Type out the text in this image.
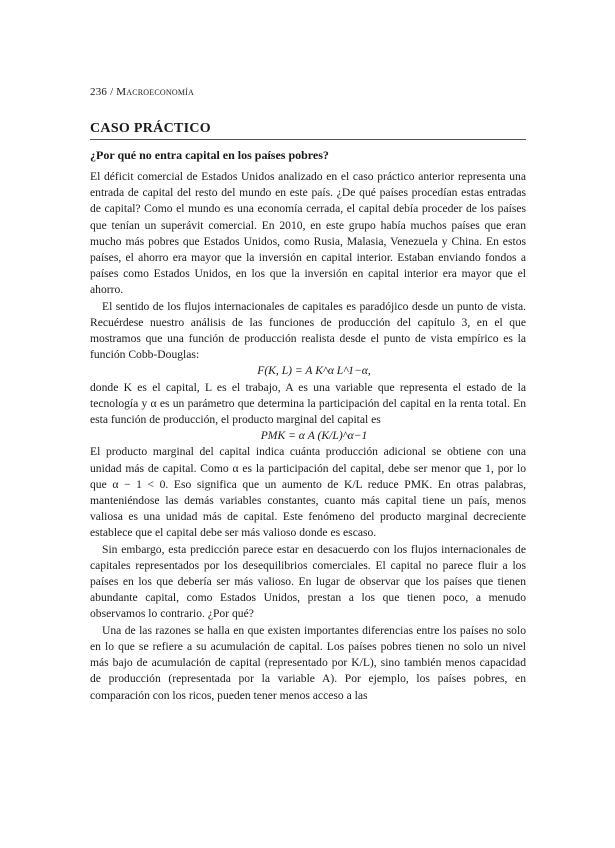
236 / Macroeconomía
CASO PRÁCTICO
¿Por qué no entra capital en los países pobres?

El déficit comercial de Estados Unidos analizado en el caso práctico anterior representa una entrada de capital del resto del mundo en este país. ¿De qué países procedían estas entradas de capital? Como el mundo es una economía cerrada, el capital debía proceder de los países que tenían un superávit comercial. En 2010, en este grupo había muchos países que eran mucho más pobres que Estados Unidos, como Rusia, Malasia, Venezuela y China. En estos países, el ahorro era mayor que la inversión en capital interior. Estaban enviando fondos a países como Estados Unidos, en los que la inversión en capital interior era mayor que el ahorro.

El sentido de los flujos internacionales de capitales es paradójico desde un punto de vista. Recuérdese nuestro análisis de las funciones de producción del capítulo 3, en el que mostramos que una función de producción realista desde el punto de vista empírico es la función Cobb-Douglas:

F(K, L) = A K^α L^1−α,

donde K es el capital, L es el trabajo, A es una variable que representa el estado de la tecnología y α es un parámetro que determina la participación del capital en la renta total. En esta función de producción, el producto marginal del capital es

PMK = α A (K/L)^α−1

El producto marginal del capital indica cuánta producción adicional se obtiene con una unidad más de capital. Como α es la participación del capital, debe ser menor que 1, por lo que α − 1 < 0. Eso significa que un aumento de K/L reduce PMK. En otras palabras, manteniéndose las demás variables constantes, cuanto más capital tiene un país, menos valiosa es una unidad más de capital. Este fenómeno del producto marginal decreciente establece que el capital debe ser más valioso donde es escaso.

Sin embargo, esta predicción parece estar en desacuerdo con los flujos internacionales de capitales representados por los desequilibrios comerciales. El capital no parece fluir a los países en los que debería ser más valioso. En lugar de observar que los países que tienen abundante capital, como Estados Unidos, prestan a los que tienen poco, a menudo observamos lo contrario. ¿Por qué?

Una de las razones se halla en que existen importantes diferencias entre los países no solo en lo que se refiere a su acumulación de capital. Los países pobres tienen no solo un nivel más bajo de acumulación de capital (representado por K/L), sino también menos capacidad de producción (representada por la variable A). Por ejemplo, los países pobres, en comparación con los ricos, pueden tener menos acceso a las
